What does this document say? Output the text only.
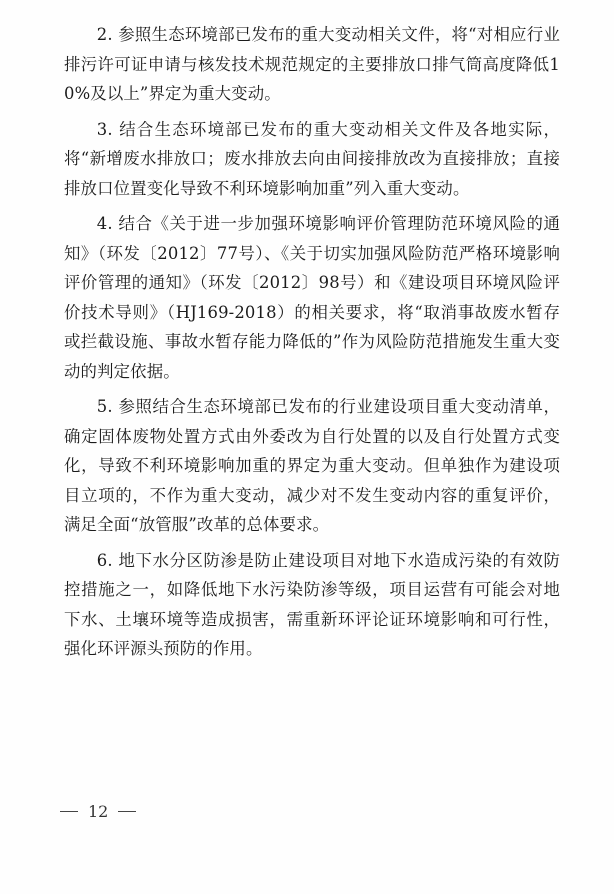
2. 参照生态环境部已发布的重大变动相关文件，将“对相应行业排污许可证申请与核发技术规范规定的主要排放口排气筒高度降低10%及以上”界定为重大变动。

3. 结合生态环境部已发布的重大变动相关文件及各地实际，将“新增废水排放口；废水排放去向由间接排放改为直接排放；直接排放口位置变化导致不利环境影响加重”列入重大变动。

4. 结合《关于进一步加强环境影响评价管理防范环境风险的通知》（环发〔2012〕77号）、《关于切实加强风险防范严格环境影响评价管理的通知》（环发〔2012〕98号）和《建设项目环境风险评价技术导则》（HJ169-2018）的相关要求，将“取消事故废水暂存或拦截设施、事故水暂存能力降低的”作为风险防范措施发生重大变动的判定依据。

5. 参照结合生态环境部已发布的行业建设项目重大变动清单，确定固体废物处置方式由外委改为自行处置的以及自行处置方式变化，导致不利环境影响加重的界定为重大变动。但单独作为建设项目立项的，不作为重大变动，减少对不发生变动内容的重复评价，满足全面“放管服”改革的总体要求。

6. 地下水分区防渗是防止建设项目对地下水造成污染的有效防控措施之一，如降低地下水污染防渗等级，项目运营有可能会对地下水、土壤环境等造成损害，需重新环评论证环境影响和可行性，强化环评源头预防的作用。

12
